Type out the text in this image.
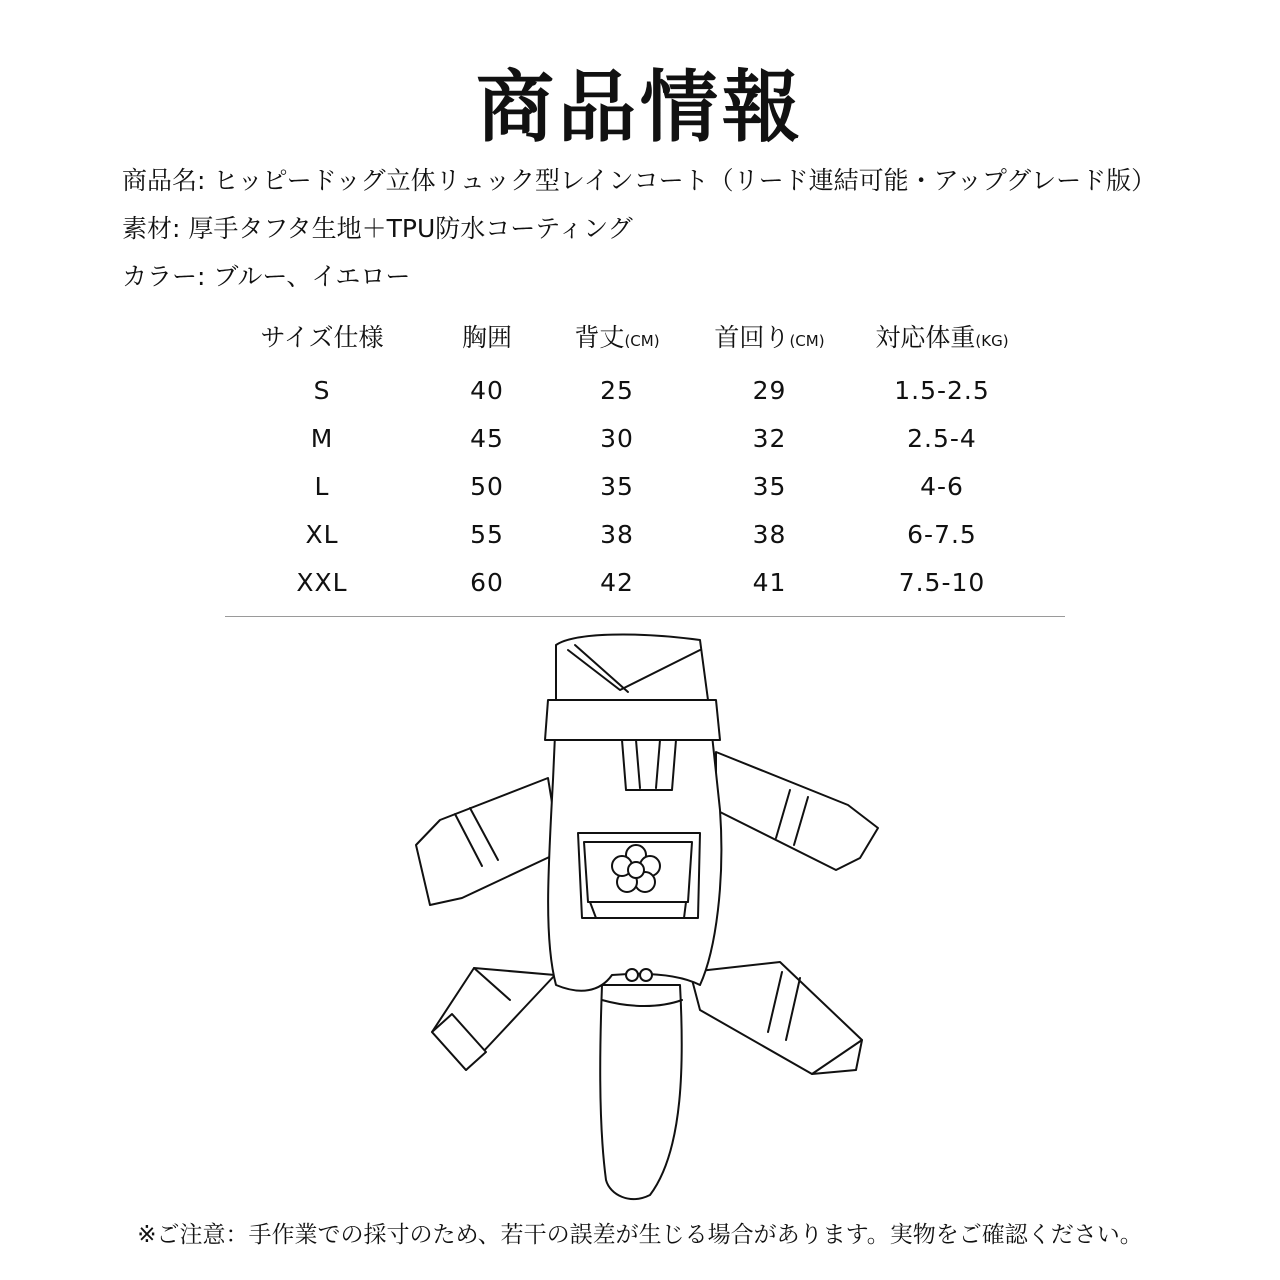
商品情報
商品名: ヒッピードッグ立体リュック型レインコート（リード連結可能・アップグレード版）
素材: 厚手タフタ生地＋TPU防水コーティング
カラー: ブルー、イエロー
サイズ仕様	胸囲	背丈(CM)	首回り(CM)	対応体重(KG)
S	40	25	29	1.5-2.5
M	45	30	32	2.5-4
L	50	35	35	4-6
XL	55	38	38	6-7.5
XXL	60	42	41	7.5-10
※ご注意：手作業での採寸のため、若干の誤差が生じる場合があります。実物をご確認ください。
